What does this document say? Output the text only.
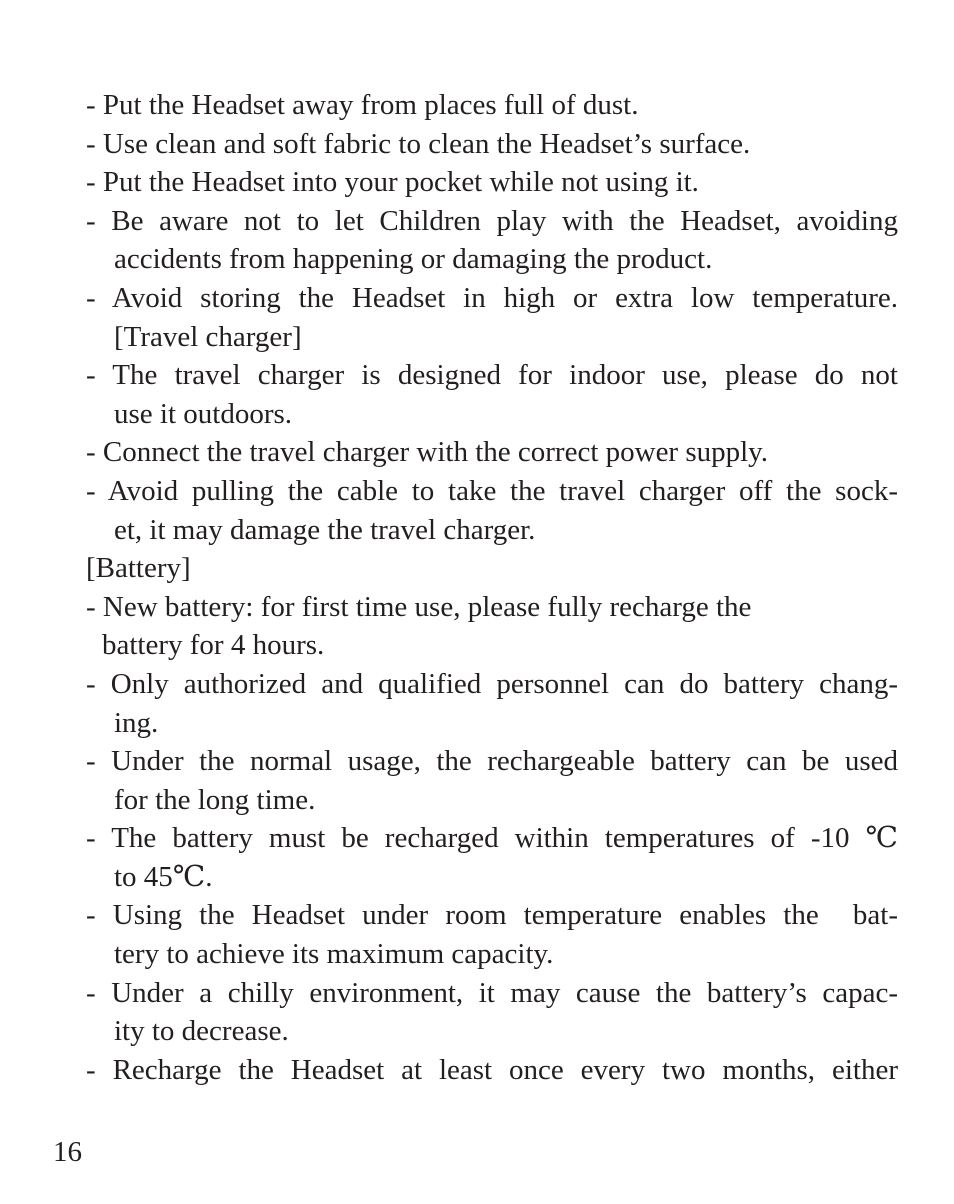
- Put the Headset away from places full of dust.
- Use clean and soft fabric to clean the Headset’s surface.
- Put the Headset into your pocket while not using it.
- Be aware not to let Children play with the Headset, avoiding
accidents from happening or damaging the product.
- Avoid storing the Headset in high or extra low temperature.
[Travel charger]
- The travel charger is designed for indoor use, please do not
use it outdoors.
- Connect the travel charger with the correct power supply.
- Avoid pulling the cable to take the travel charger off the sock-
et, it may damage the travel charger.
[Battery]
- New battery: for first time use, please fully recharge the
battery for 4 hours.
- Only authorized and qualified personnel can do battery chang-
ing.
- Under the normal usage, the rechargeable battery can be used
for the long time.
- The battery must be recharged within temperatures of -10 ℃
to 45℃.
- Using the Headset under room temperature enables the  bat-
tery to achieve its maximum capacity.
- Under a chilly environment, it may cause the battery’s capac-
ity to decrease.
- Recharge the Headset at least once every two months, either
16
